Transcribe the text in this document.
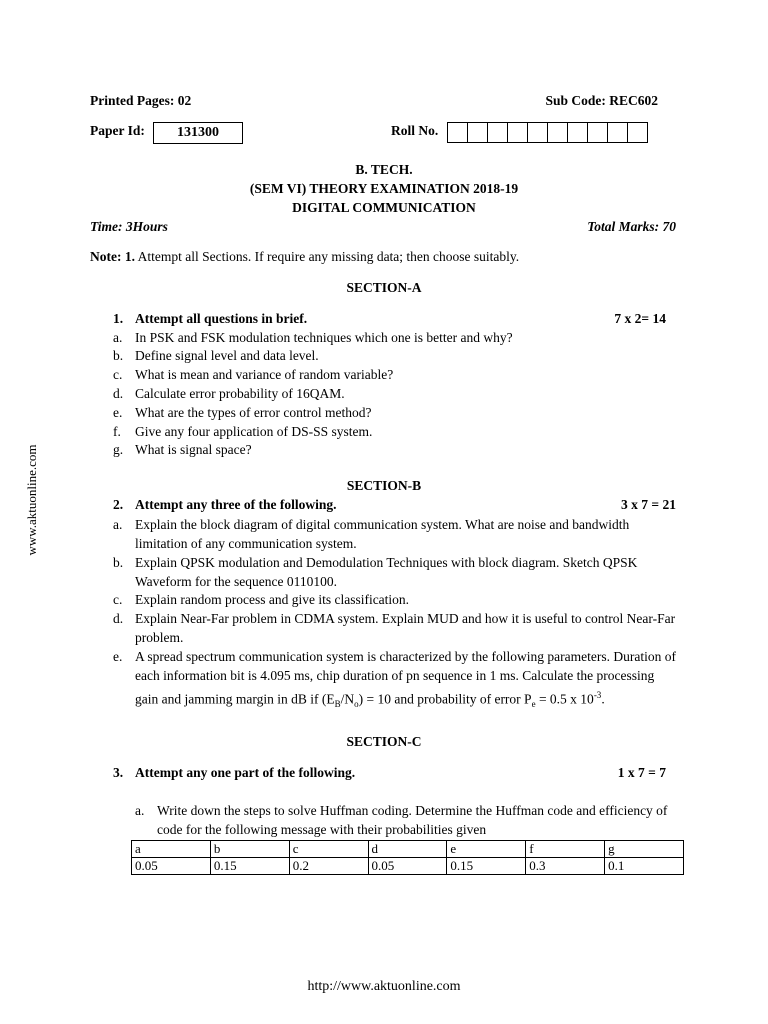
Printed Pages: 02	Sub Code: REC602
Paper Id:	131300	Roll No.
B. TECH.
(SEM VI) THEORY EXAMINATION 2018-19
DIGITAL COMMUNICATION
Time: 3Hours	Total Marks: 70
Note: 1. Attempt all Sections. If require any missing data; then choose suitably.
SECTION-A
1. Attempt all questions in brief.	7 x 2= 14
a. In PSK and FSK modulation techniques which one is better and why?
b. Define signal level and data level.
c. What is mean and variance of random variable?
d. Calculate error probability of 16QAM.
e. What are the types of error control method?
f.	Give any four application of DS-SS system.
g. What is signal space?
SECTION-B
2. Attempt any three of the following.	3 x 7 = 21
a. Explain the block diagram of digital communication system. What are noise and bandwidth limitation of any communication system.
b. Explain QPSK modulation and Demodulation Techniques with block diagram. Sketch QPSK Waveform for the sequence 0110100.
c. Explain random process and give its classification.
d. Explain Near-Far problem in CDMA system. Explain MUD and how it is useful to control Near-Far problem.
e. A spread spectrum communication system is characterized by the following parameters. Duration of each information bit is 4.095 ms, chip duration of pn sequence in 1 ms. Calculate the processing gain and jamming margin in dB if $(E_B/N_o) = 10$ and probability of error $P_e = 0.5$ x $10^{-3}$.
SECTION-C
3. Attempt any one part of the following.	1 x 7 = 7
a. Write down the steps to solve Huffman coding. Determine the Huffman code and efficiency of code for the following message with their probabilities given
a	b	c	d	e	f	g
0.05	0.15	0.2	0.05	0.15	0.3	0.1
www.aktuonline.com
http://www.aktuonline.com
